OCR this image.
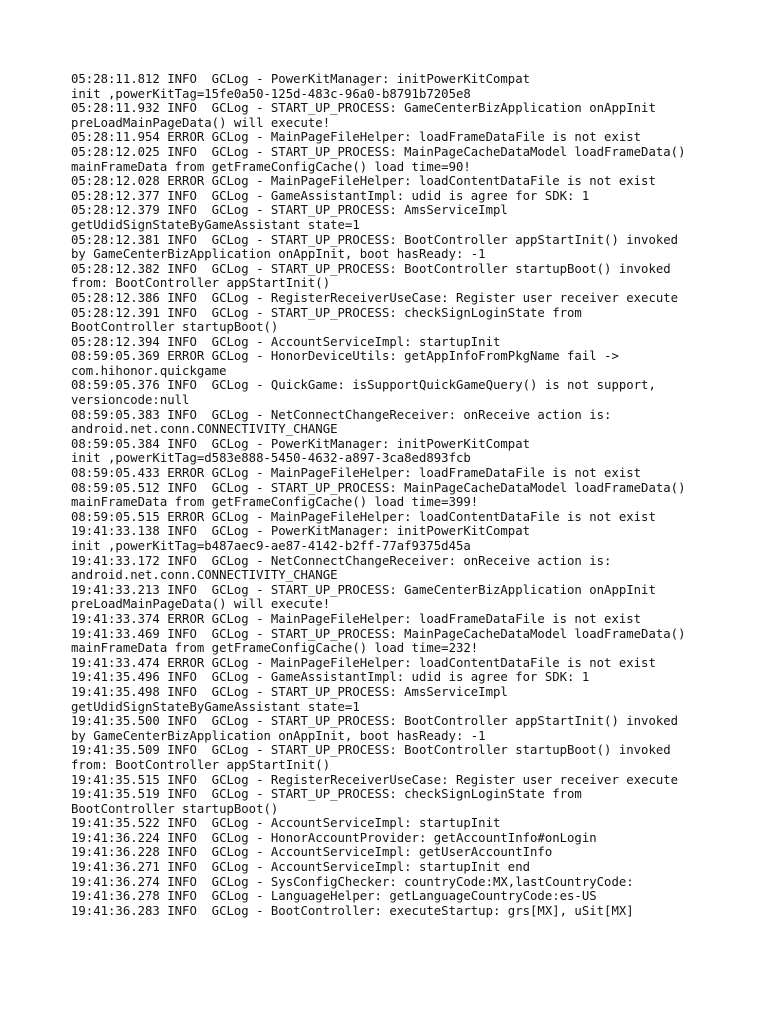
05:28:11.812 INFO  GCLog - PowerKitManager: initPowerKitCompat
init ,powerKitTag=15fe0a50-125d-483c-96a0-b8791b7205e8
05:28:11.932 INFO  GCLog - START_UP_PROCESS: GameCenterBizApplication onAppInit
preLoadMainPageData() will execute!
05:28:11.954 ERROR GCLog - MainPageFileHelper: loadFrameDataFile is not exist
05:28:12.025 INFO  GCLog - START_UP_PROCESS: MainPageCacheDataModel loadFrameData()
mainFrameData from getFrameConfigCache() load time=90!
05:28:12.028 ERROR GCLog - MainPageFileHelper: loadContentDataFile is not exist
05:28:12.377 INFO  GCLog - GameAssistantImpl: udid is agree for SDK: 1
05:28:12.379 INFO  GCLog - START_UP_PROCESS: AmsServiceImpl
getUdidSignStateByGameAssistant state=1
05:28:12.381 INFO  GCLog - START_UP_PROCESS: BootController appStartInit() invoked
by GameCenterBizApplication onAppInit, boot hasReady: -1
05:28:12.382 INFO  GCLog - START_UP_PROCESS: BootController startupBoot() invoked
from: BootController appStartInit()
05:28:12.386 INFO  GCLog - RegisterReceiverUseCase: Register user receiver execute
05:28:12.391 INFO  GCLog - START_UP_PROCESS: checkSignLoginState from
BootController startupBoot()
05:28:12.394 INFO  GCLog - AccountServiceImpl: startupInit
08:59:05.369 ERROR GCLog - HonorDeviceUtils: getAppInfoFromPkgName fail ->
com.hihonor.quickgame
08:59:05.376 INFO  GCLog - QuickGame: isSupportQuickGameQuery() is not support,
versioncode:null
08:59:05.383 INFO  GCLog - NetConnectChangeReceiver: onReceive action is:
android.net.conn.CONNECTIVITY_CHANGE
08:59:05.384 INFO  GCLog - PowerKitManager: initPowerKitCompat
init ,powerKitTag=d583e888-5450-4632-a897-3ca8ed893fcb
08:59:05.433 ERROR GCLog - MainPageFileHelper: loadFrameDataFile is not exist
08:59:05.512 INFO  GCLog - START_UP_PROCESS: MainPageCacheDataModel loadFrameData()
mainFrameData from getFrameConfigCache() load time=399!
08:59:05.515 ERROR GCLog - MainPageFileHelper: loadContentDataFile is not exist
19:41:33.138 INFO  GCLog - PowerKitManager: initPowerKitCompat
init ,powerKitTag=b487aec9-ae87-4142-b2ff-77af9375d45a
19:41:33.172 INFO  GCLog - NetConnectChangeReceiver: onReceive action is:
android.net.conn.CONNECTIVITY_CHANGE
19:41:33.213 INFO  GCLog - START_UP_PROCESS: GameCenterBizApplication onAppInit
preLoadMainPageData() will execute!
19:41:33.374 ERROR GCLog - MainPageFileHelper: loadFrameDataFile is not exist
19:41:33.469 INFO  GCLog - START_UP_PROCESS: MainPageCacheDataModel loadFrameData()
mainFrameData from getFrameConfigCache() load time=232!
19:41:33.474 ERROR GCLog - MainPageFileHelper: loadContentDataFile is not exist
19:41:35.496 INFO  GCLog - GameAssistantImpl: udid is agree for SDK: 1
19:41:35.498 INFO  GCLog - START_UP_PROCESS: AmsServiceImpl
getUdidSignStateByGameAssistant state=1
19:41:35.500 INFO  GCLog - START_UP_PROCESS: BootController appStartInit() invoked
by GameCenterBizApplication onAppInit, boot hasReady: -1
19:41:35.509 INFO  GCLog - START_UP_PROCESS: BootController startupBoot() invoked
from: BootController appStartInit()
19:41:35.515 INFO  GCLog - RegisterReceiverUseCase: Register user receiver execute
19:41:35.519 INFO  GCLog - START_UP_PROCESS: checkSignLoginState from
BootController startupBoot()
19:41:35.522 INFO  GCLog - AccountServiceImpl: startupInit
19:41:36.224 INFO  GCLog - HonorAccountProvider: getAccountInfo#onLogin
19:41:36.228 INFO  GCLog - AccountServiceImpl: getUserAccountInfo
19:41:36.271 INFO  GCLog - AccountServiceImpl: startupInit end
19:41:36.274 INFO  GCLog - SysConfigChecker: countryCode:MX,lastCountryCode:
19:41:36.278 INFO  GCLog - LanguageHelper: getLanguageCountryCode:es-US
19:41:36.283 INFO  GCLog - BootController: executeStartup: grs[MX], uSit[MX]
